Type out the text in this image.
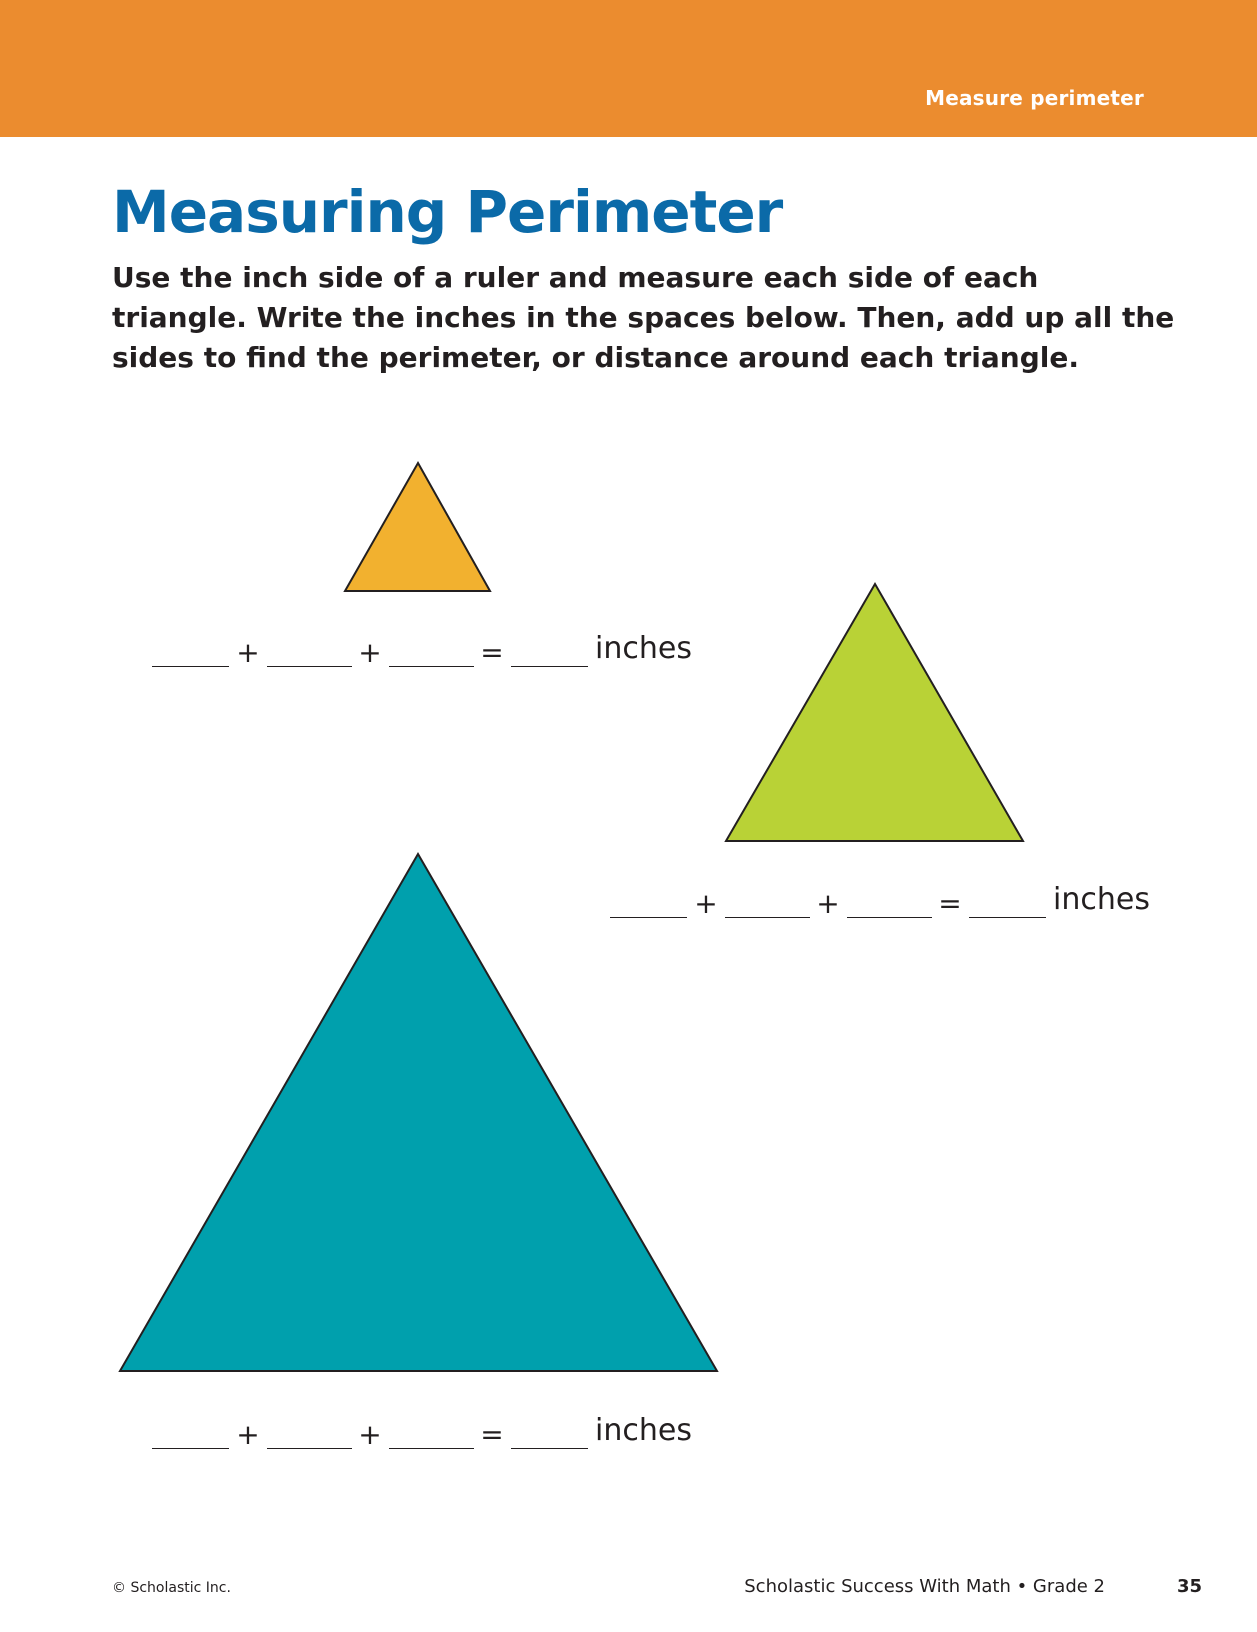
Measure perimeter
Measuring Perimeter

Use the inch side of a ruler and measure each side of each triangle. Write the inches in the spaces below. Then, add up all the sides to find the perimeter, or distance around each triangle.

+	+	=	inches
+	+	=	inches
+	+	=	inches
© Scholastic Inc.	Scholastic Success With Math • Grade 2	35
